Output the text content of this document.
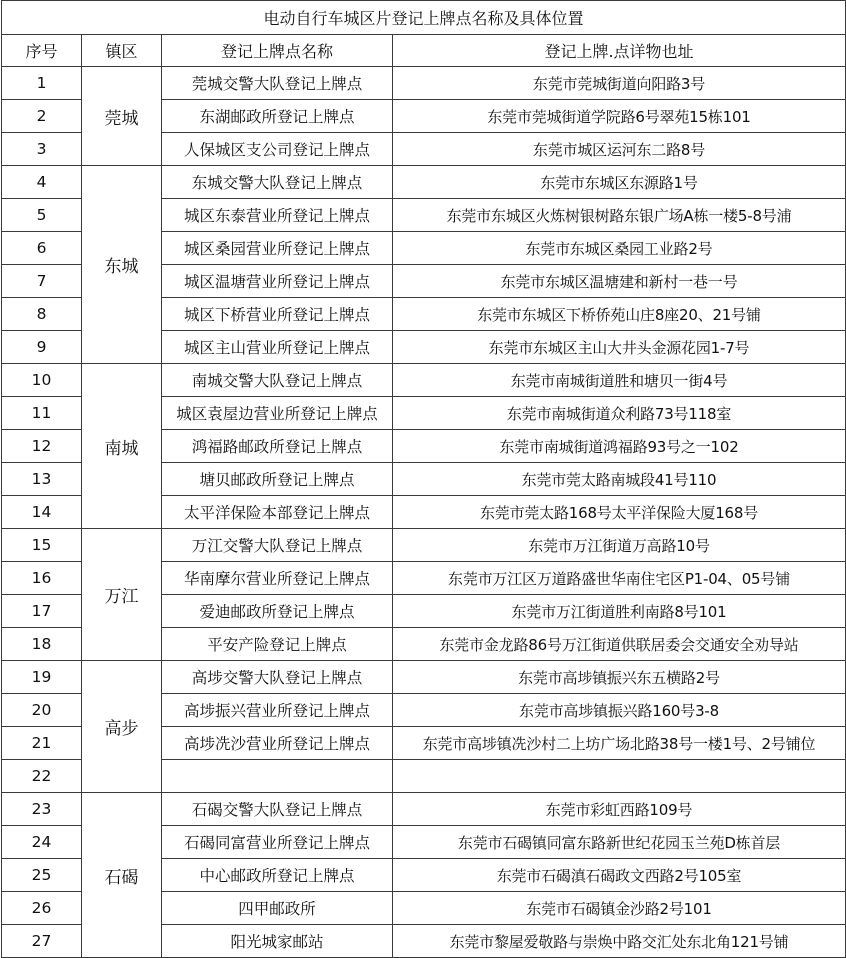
电动自行车城区片登记上牌点名称及具体位置			
序号	镇区	登记上牌点名称	登记上牌.点详物也址
1	莞城	莞城交警大队登记上牌点	东莞市莞城街道向阳路3号
2		东湖邮政所登记上牌点	东莞市莞城街道学院路6号翠苑15栋101
3		人保城区支公司登记上牌点	东莞市城区运河东二路8号
4	东城	东城交警大队登记上牌点	东莞市东城区东源路1号
5		城区东泰营业所登记上牌点	东莞市东城区火炼树银树路东银广场A栋一楼5-8号浦
6		城区桑园营业所登记上牌点	东莞市东城区桑园工业路2号
7		城区温塘营业所登记上牌点	东莞市东城区温塘建和新村一巷一号
8		城区下桥营业所登记上牌点	东莞市东城区下桥侨苑山庄8座20、21号铺
9		城区主山营业所登记上牌点	东莞市东城区主山大井头金源花园1-7号
10	南城	南城交警大队登记上牌点	东莞市南城街道胜和塘贝一街4号
11		城区袁屋边营业所登记上牌点	东莞市南城街道众利路73号118室
12		鸿福路邮政所登记上牌点	东莞市南城街道鸿福路93号之一102
13		塘贝邮政所登记上牌点	东莞市莞太路南城段41号110
14		太平洋保险本部登记上牌点	东莞市莞太路168号太平洋保险大厦168号
15	万江	万江交警大队登记上牌点	东莞市万江街道万高路10号
16		华南摩尔营业所登记上牌点	东莞市万江区万道路盛世华南住宅区P1-04、05号铺
17		爱迪邮政所登记上牌点	东莞市万江街道胜利南路8号101
18		平安产险登记上牌点	东莞市金龙路86号万江街道供联居委会交通安全劝导站
19	高步	高埗交警大队登记上牌点	东莞市高埗镇振兴东五横路2号
20		高埗振兴营业所登记上牌点	东莞市高埗镇振兴路160号3-8
21		高埗冼沙营业所登记上牌点	东莞市高埗镇冼沙村二上坊广场北路38号一楼1号、2号铺位
22			
23	石碣	石碣交警大队登记上牌点	东莞市彩虹西路109号
24		石碣同富营业所登记上牌点	东莞市石碣镇同富东路新世纪花园玉兰苑D栋首层
25		中心邮政所登记上牌点	东莞市石碣滇石碣政文西路2号105室
26		四甲邮政所	东莞市石碣镇金沙路2号101
27		阳光城家邮站	东莞市黎屋爱敬路与崇焕中路交汇处东北角121号铺
